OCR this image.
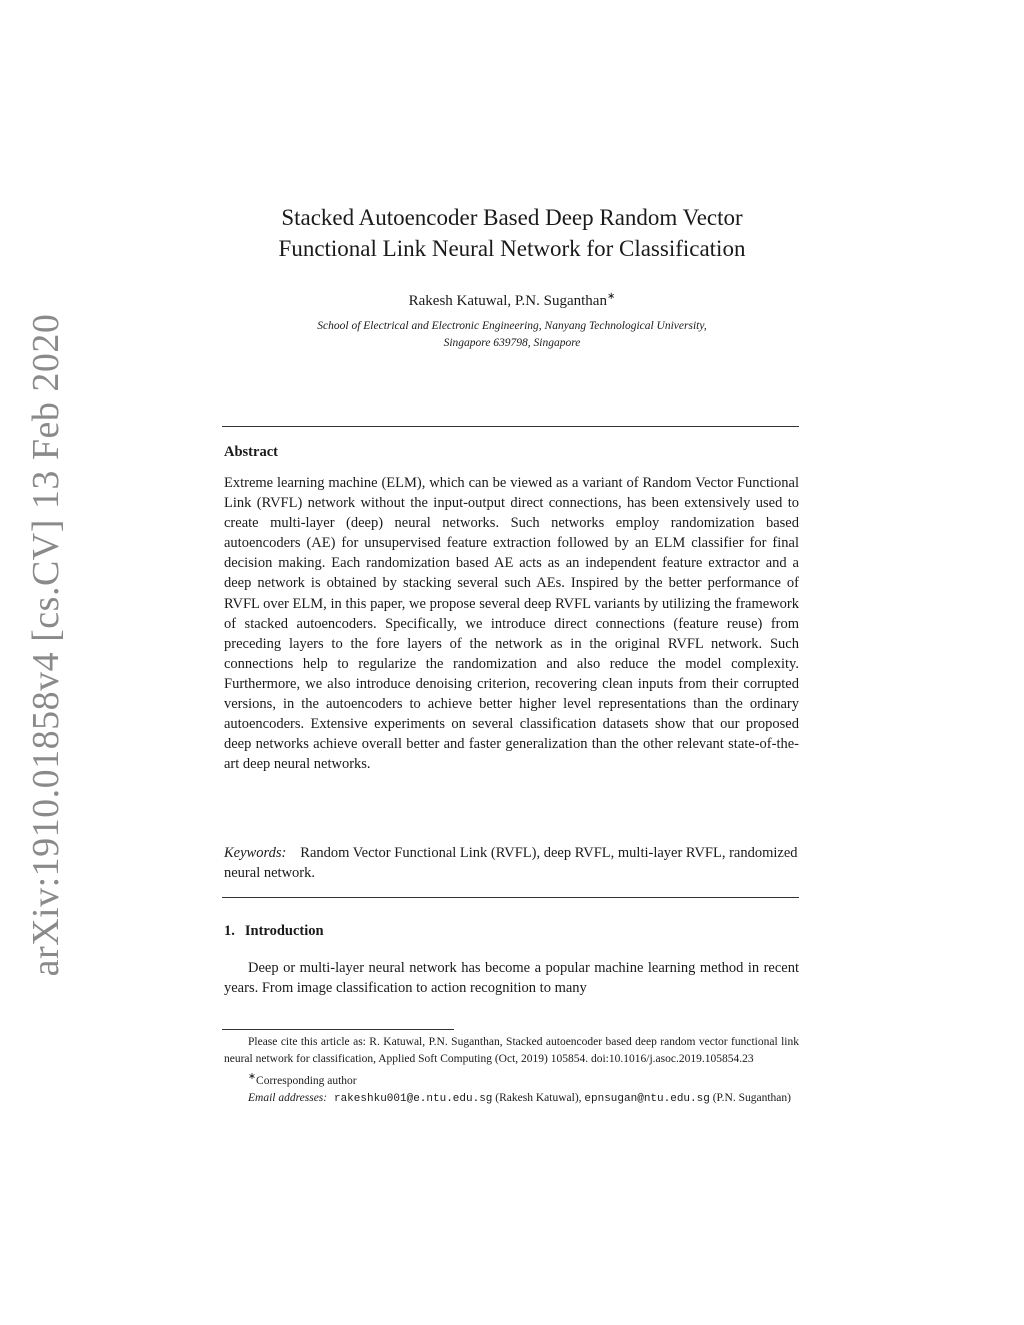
arXiv:1910.01858v4 [cs.CV] 13 Feb 2020
Stacked Autoencoder Based Deep Random Vector
Functional Link Neural Network for Classification
Rakesh Katuwal, P.N. Suganthan∗
School of Electrical and Electronic Engineering, Nanyang Technological University,
Singapore 639798, Singapore
Abstract
Extreme learning machine (ELM), which can be viewed as a variant of Random Vector Functional Link (RVFL) network without the input-output direct connections, has been extensively used to create multi-layer (deep) neural networks. Such networks employ randomization based autoencoders (AE) for unsupervised feature extraction followed by an ELM classifier for final decision making. Each randomization based AE acts as an independent feature extractor and a deep network is obtained by stacking several such AEs. Inspired by the better performance of RVFL over ELM, in this paper, we propose several deep RVFL variants by utilizing the framework of stacked autoencoders. Specifically, we introduce direct connections (feature reuse) from preceding layers to the fore layers of the network as in the original RVFL network. Such connections help to regularize the randomization and also reduce the model complexity. Furthermore, we also introduce denoising criterion, recovering clean inputs from their corrupted versions, in the autoencoders to achieve better higher level representations than the ordinary autoencoders. Extensive experiments on several classification datasets show that our proposed deep networks achieve overall better and faster generalization than the other relevant state-of-the-art deep neural networks.
Keywords: Random Vector Functional Link (RVFL), deep RVFL, multi-layer RVFL, randomized neural network.
1. Introduction
Deep or multi-layer neural network has become a popular machine learning method in recent years. From image classification to action recognition to many
Please cite this article as: R. Katuwal, P.N. Suganthan, Stacked autoencoder based deep random vector functional link neural network for classification, Applied Soft Computing (Oct, 2019) 105854. doi:10.1016/j.asoc.2019.105854.23
∗Corresponding author
Email addresses: rakeshku001@e.ntu.edu.sg (Rakesh Katuwal), epnsugan@ntu.edu.sg (P.N. Suganthan)
